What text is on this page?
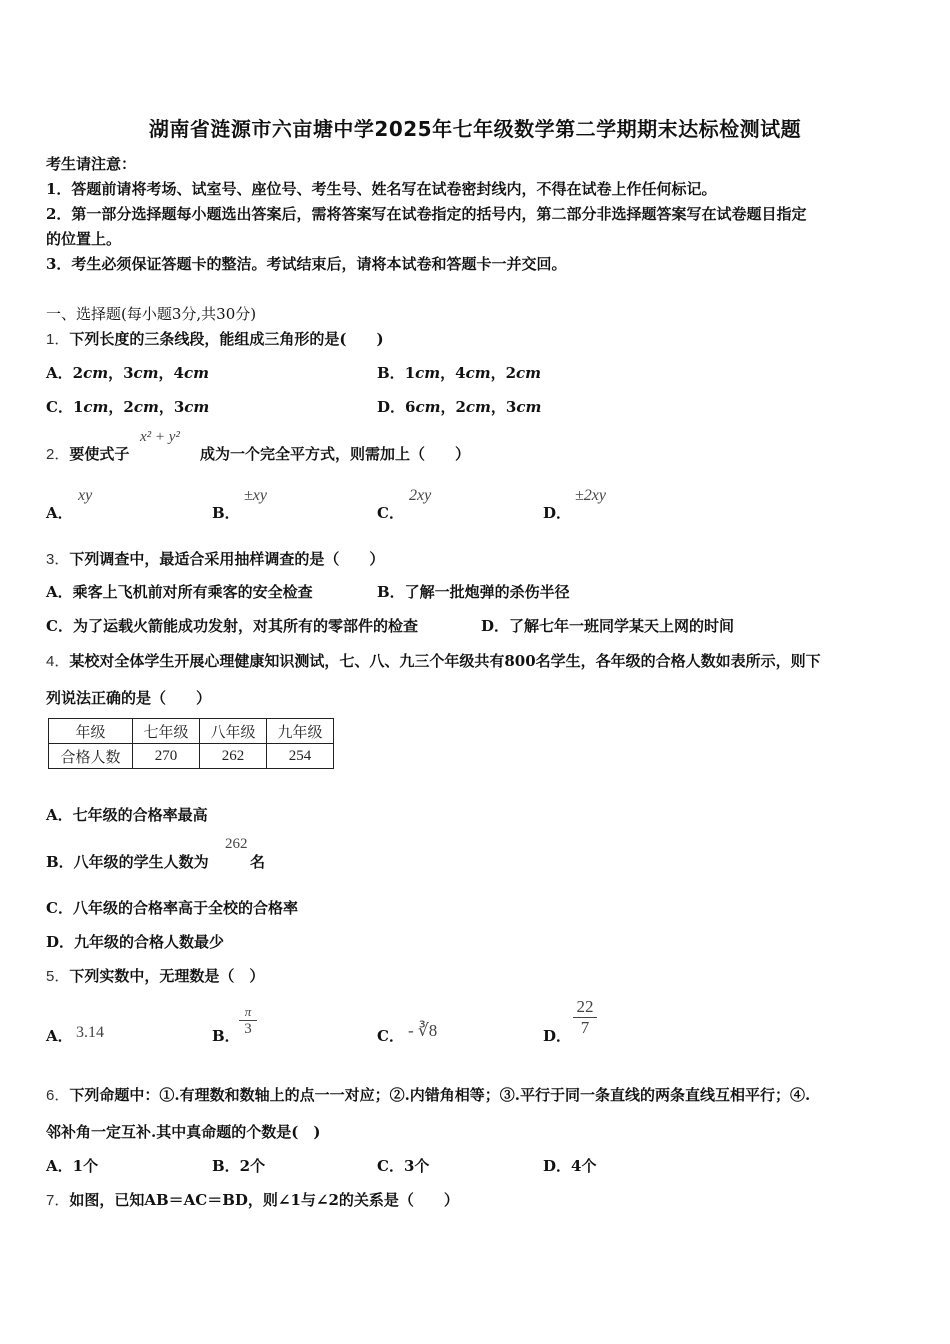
湖南省涟源市六亩塘中学2025年七年级数学第二学期期末达标检测试题
考生请注意：
1．答题前请将考场、试室号、座位号、考生号、姓名写在试卷密封线内，不得在试卷上作任何标记。
2．第一部分选择题每小题选出答案后，需将答案写在试卷指定的括号内，第二部分非选择题答案写在试卷题目指定
的位置上。
3．考生必须保证答题卡的整洁。考试结束后，请将本试卷和答题卡一并交回。
一、选择题(每小题3分,共30分)
1．下列长度的三条线段，能组成三角形的是(　　)
A．2cm，3cm，4cm	B．1cm，4cm，2cm
C．1cm，2cm，3cm	D．6cm，2cm，3cm
2．要使式子
x² + y²
成为一个完全平方式，则需加上（　　）
A．
xy
B．
±xy
C．
2xy
D．
±2xy
3．下列调查中，最适合采用抽样调查的是（　　）
A．乘客上飞机前对所有乘客的安全检查	B．了解一批炮弹的杀伤半径
C．为了运载火箭能成功发射，对其所有的零部件的检查	D．了解七年一班同学某天上网的时间
4．某校对全体学生开展心理健康知识测试，七、八、九三个年级共有800名学生，各年级的合格人数如表所示，则下
列说法正确的是（　　）
年级	七年级	八年级	九年级
合格人数	270	262	254
A．七年级的合格率最高
B．八年级的学生人数为
262
名
C．八年级的合格率高于全校的合格率
D．九年级的合格人数最少
5．下列实数中，无理数是（　）
A． 3.14	B． $\frac{\pi}{3}$	C． - ∛8	D． $\frac{22}{7}$
6．下列命题中：①.有理数和数轴上的点一一对应；②.内错角相等；③.平行于同一条直线的两条直线互相平行；④.
邻补角一定互补.其中真命题的个数是(　)
A．1个	B．2个	C．3个	D．4个
7．如图，已知AB＝AC＝BD，则∠1与∠2的关系是（　　）
